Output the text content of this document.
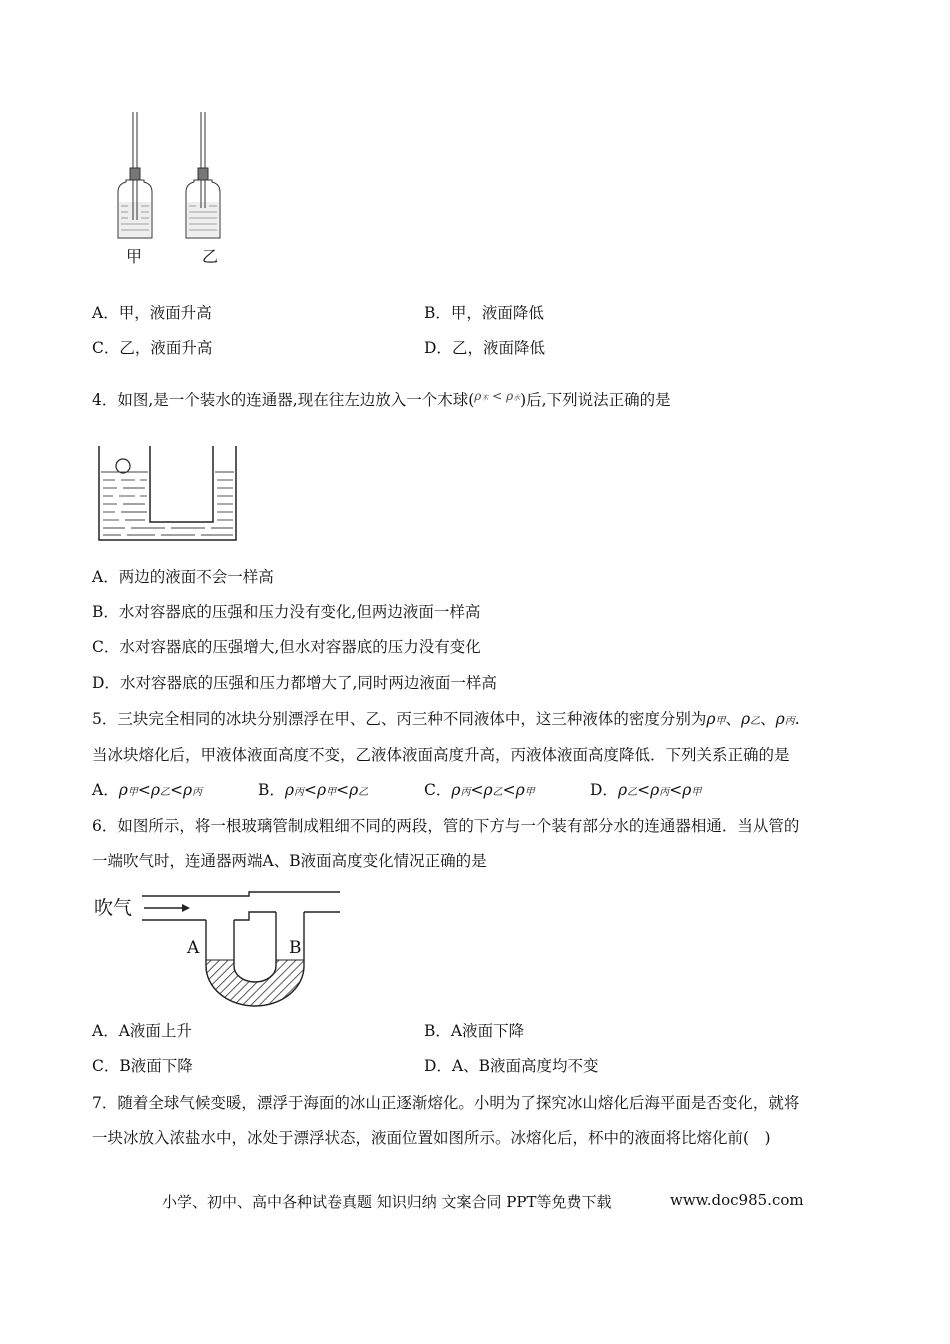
甲	乙
A．甲，液面升高	B．甲，液面降低
C．乙，液面升高	D．乙，液面降低
4．如图,是一个装水的连通器,现在往左边放入一个木球($^{\rho 木 < \rho 水}$)后,下列说法正确的是
A．两边的液面不会一样高
B．水对容器底的压强和压力没有变化,但两边液面一样高
C．水对容器底的压强增大,但水对容器底的压力没有变化
D．水对容器底的压强和压力都增大了,同时两边液面一样高
5．三块完全相同的冰块分别漂浮在甲、乙、丙三种不同液体中，这三种液体的密度分别为ρ甲、ρ乙、ρ丙.
当冰块熔化后，甲液体液面高度不变，乙液体液面高度升高，丙液体液面高度降低．下列关系正确的是
A．ρ甲<ρ乙<ρ丙	B．ρ丙<ρ甲<ρ乙	C．ρ丙<ρ乙<ρ甲	D．ρ乙<ρ丙<ρ甲
6．如图所示，将一根玻璃管制成粗细不同的两段，管的下方与一个装有部分水的连通器相通．当从管的
一端吹气时，连通器两端A、B液面高度变化情况正确的是
吹气
A	B
A．A液面上升	B．A液面下降
C．B液面下降	D．A、B液面高度均不变
7．随着全球气候变暖，漂浮于海面的冰山正逐渐熔化。小明为了探究冰山熔化后海平面是否变化，就将
一块冰放入浓盐水中，冰处于漂浮状态，液面位置如图所示。冰熔化后，杯中的液面将比熔化前(  )
小学、初中、高中各种试卷真题 知识归纳 文案合同 PPT等免费下载	www.doc985.com
